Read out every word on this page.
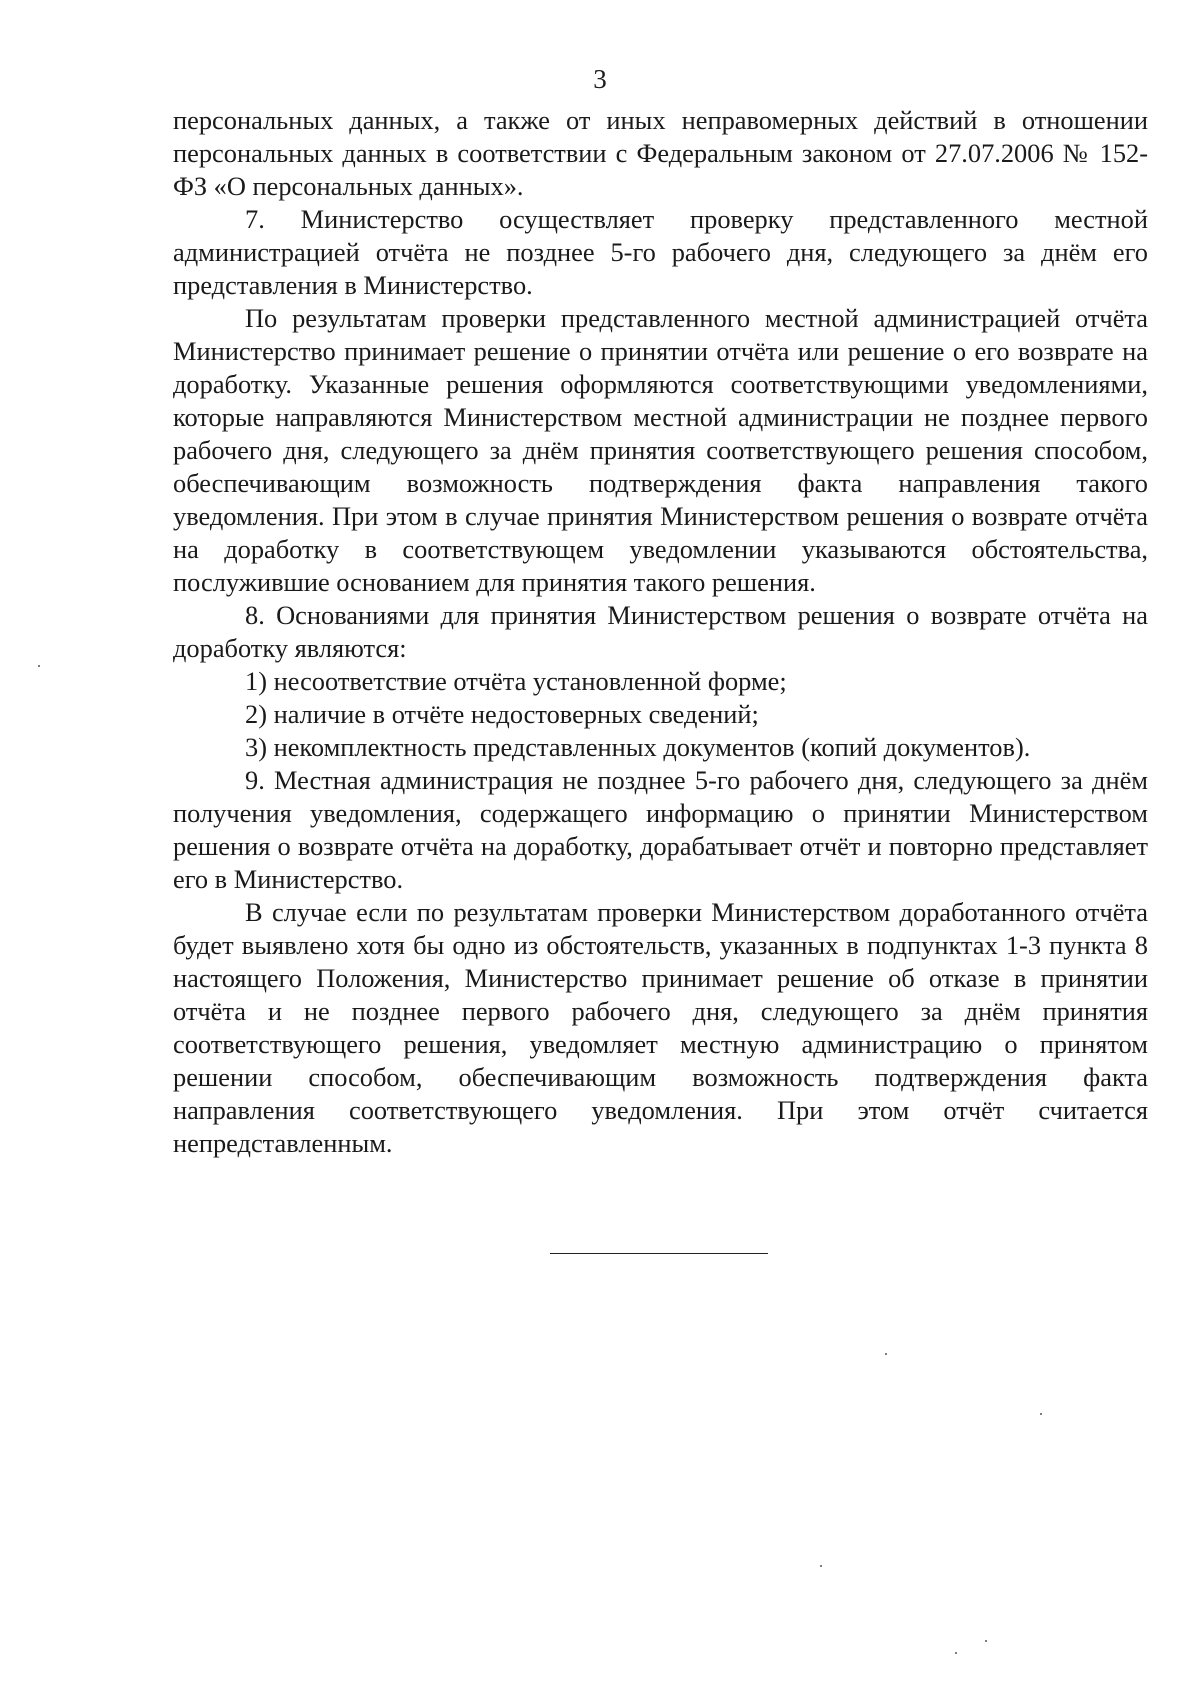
3

персональных данных, а также от иных неправомерных действий в отношении персональных данных в соответствии с Федеральным законом от 27.07.2006 № 152-ФЗ «О персональных данных».

7. Министерство осуществляет проверку представленного местной администрацией отчёта не позднее 5-го рабочего дня, следующего за днём его представления в Министерство.

По результатам проверки представленного местной администрацией отчёта Министерство принимает решение о принятии отчёта или решение о его возврате на доработку. Указанные решения оформляются соответствующими уведомлениями, которые направляются Министерством местной администрации не позднее первого рабочего дня, следующего за днём принятия соответствующего решения способом, обеспечивающим возможность подтверждения факта направления такого уведомления. При этом в случае принятия Министерством решения о возврате отчёта на доработку в соответствующем уведомлении указываются обстоятельства, послужившие основанием для принятия такого решения.

8. Основаниями для принятия Министерством решения о возврате отчёта на доработку являются:

1) несоответствие отчёта установленной форме;

2) наличие в отчёте недостоверных сведений;

3) некомплектность представленных документов (копий документов).

9. Местная администрация не позднее 5-го рабочего дня, следующего за днём получения уведомления, содержащего информацию о принятии Министерством решения о возврате отчёта на доработку, дорабатывает отчёт и повторно представляет его в Министерство.

В случае если по результатам проверки Министерством доработанного отчёта будет выявлено хотя бы одно из обстоятельств, указанных в подпунктах 1-3 пункта 8 настоящего Положения, Министерство принимает решение об отказе в принятии отчёта и не позднее первого рабочего дня, следующего за днём принятия соответствующего решения, уведомляет местную администрацию о принятом решении способом, обеспечивающим возможность подтверждения факта направления соответствующего уведомления. При этом отчёт считается непредставленным.
